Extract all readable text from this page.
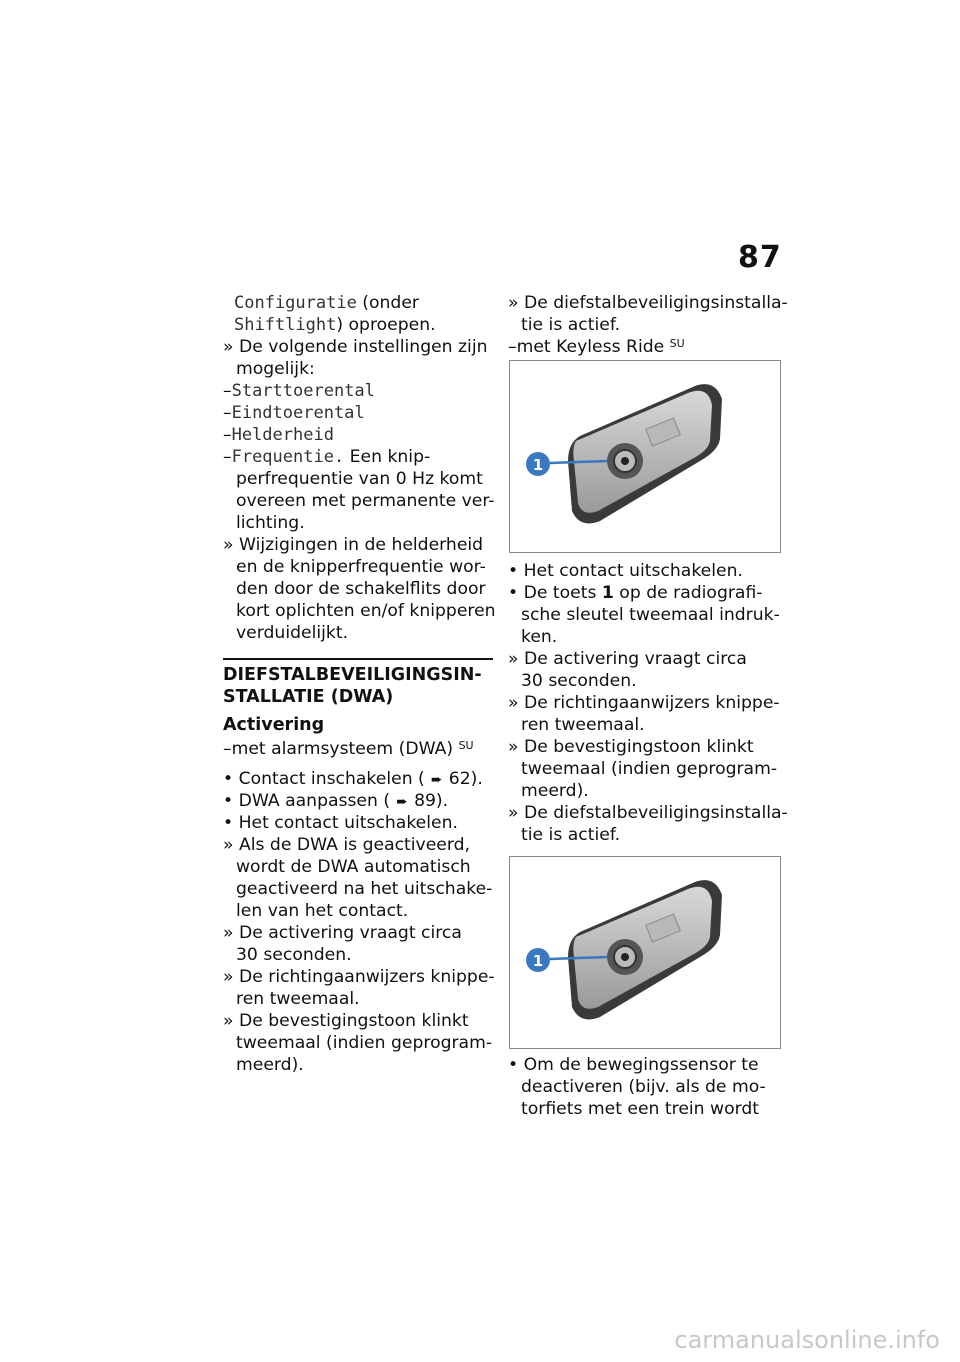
87
Configuratie (onder
Shiftlight) oproepen.
» De volgende instellingen zijn
mogelijk:
–Starttoerental
–Eindtoerental
–Helderheid
–Frequentie. Een knip-
perfrequentie van 0 Hz komt
overeen met permanente ver-
lichting.
» Wijzigingen in de helderheid
en de knipperfrequentie wor-
den door de schakelflits door
kort oplichten en/of knipperen
verduidelijkt.
DIEFSTALBEVEILIGINGSIN-
STALLATIE (DWA)
Activering
–met alarmsysteem (DWA) $^{SU}$
• Contact inschakelen ( ➨ 62).
• DWA aanpassen ( ➨ 89).
• Het contact uitschakelen.
» Als de DWA is geactiveerd,
wordt de DWA automatisch
geactiveerd na het uitschake-
len van het contact.
» De activering vraagt circa
30 seconden.
» De richtingaanwijzers knippe-
ren tweemaal.
» De bevestigingstoon klinkt
tweemaal (indien geprogram-
meerd).
» De diefstalbeveiligingsinstalla-
tie is actief.
–met Keyless Ride $^{SU}$
1
• Het contact uitschakelen.
• De toets 1 op de radiografi-
sche sleutel tweemaal indruk-
ken.
» De activering vraagt circa
30 seconden.
» De richtingaanwijzers knippe-
ren tweemaal.
» De bevestigingstoon klinkt
tweemaal (indien geprogram-
meerd).
» De diefstalbeveiligingsinstalla-
tie is actief.
1
• Om de bewegingssensor te
deactiveren (bijv. als de mo-
torfiets met een trein wordt
carmanualsonline.info
